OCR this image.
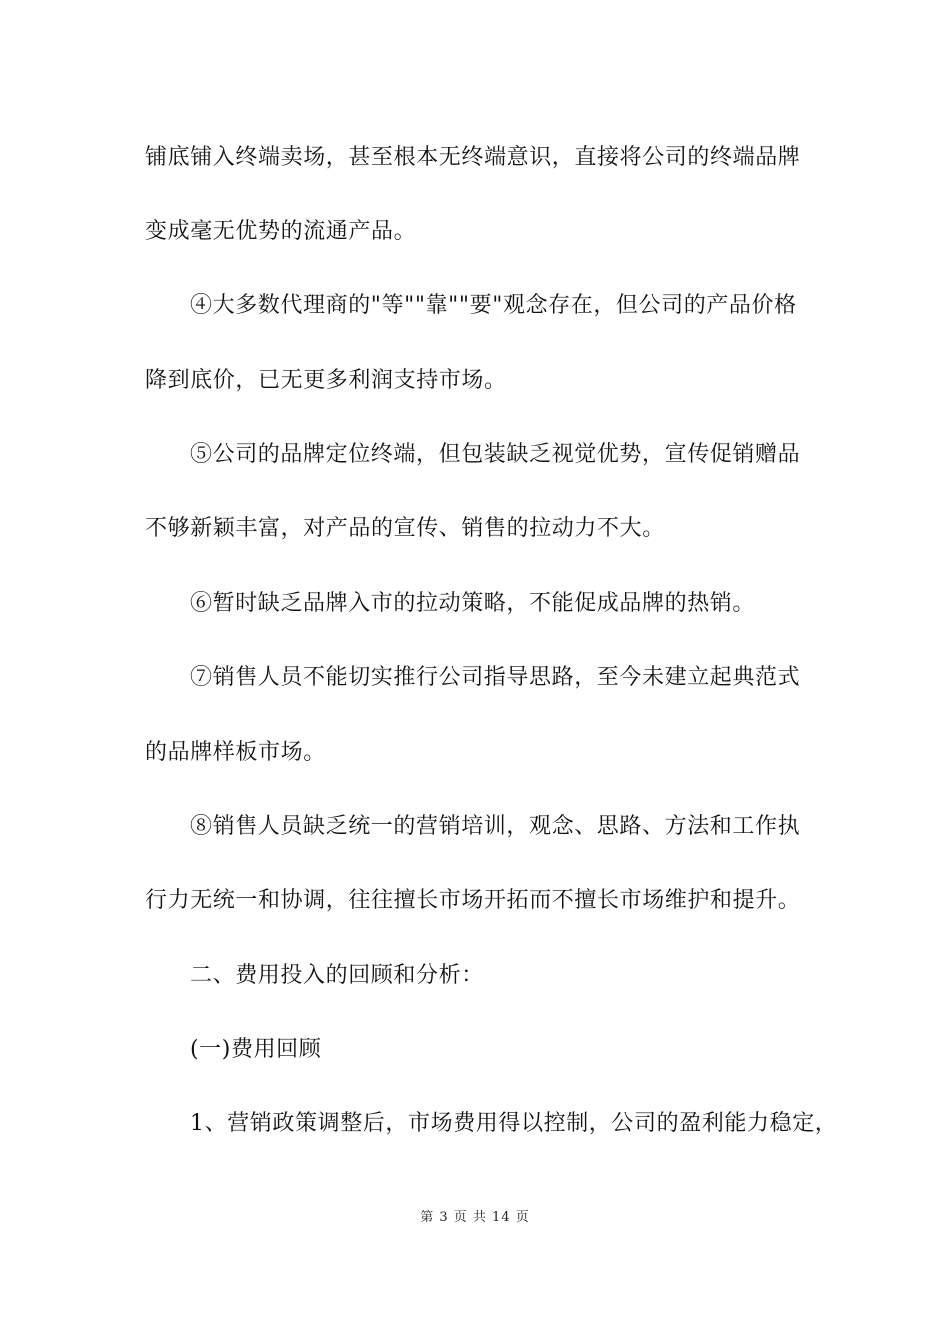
铺底铺入终端卖场，甚至根本无终端意识，直接将公司的终端品牌
变成毫无优势的流通产品。
④大多数代理商的"等""靠""要"观念存在，但公司的产品价格
降到底价，已无更多利润支持市场。
⑤公司的品牌定位终端，但包装缺乏视觉优势，宣传促销赠品
不够新颖丰富，对产品的宣传、销售的拉动力不大。
⑥暂时缺乏品牌入市的拉动策略，不能促成品牌的热销。
⑦销售人员不能切实推行公司指导思路，至今未建立起典范式
的品牌样板市场。
⑧销售人员缺乏统一的营销培训，观念、思路、方法和工作执
行力无统一和协调，往往擅长市场开拓而不擅长市场维护和提升。
二、费用投入的回顾和分析：
(一)费用回顾
1、营销政策调整后，市场费用得以控制，公司的盈利能力稳定，
第 3 页 共 14 页
